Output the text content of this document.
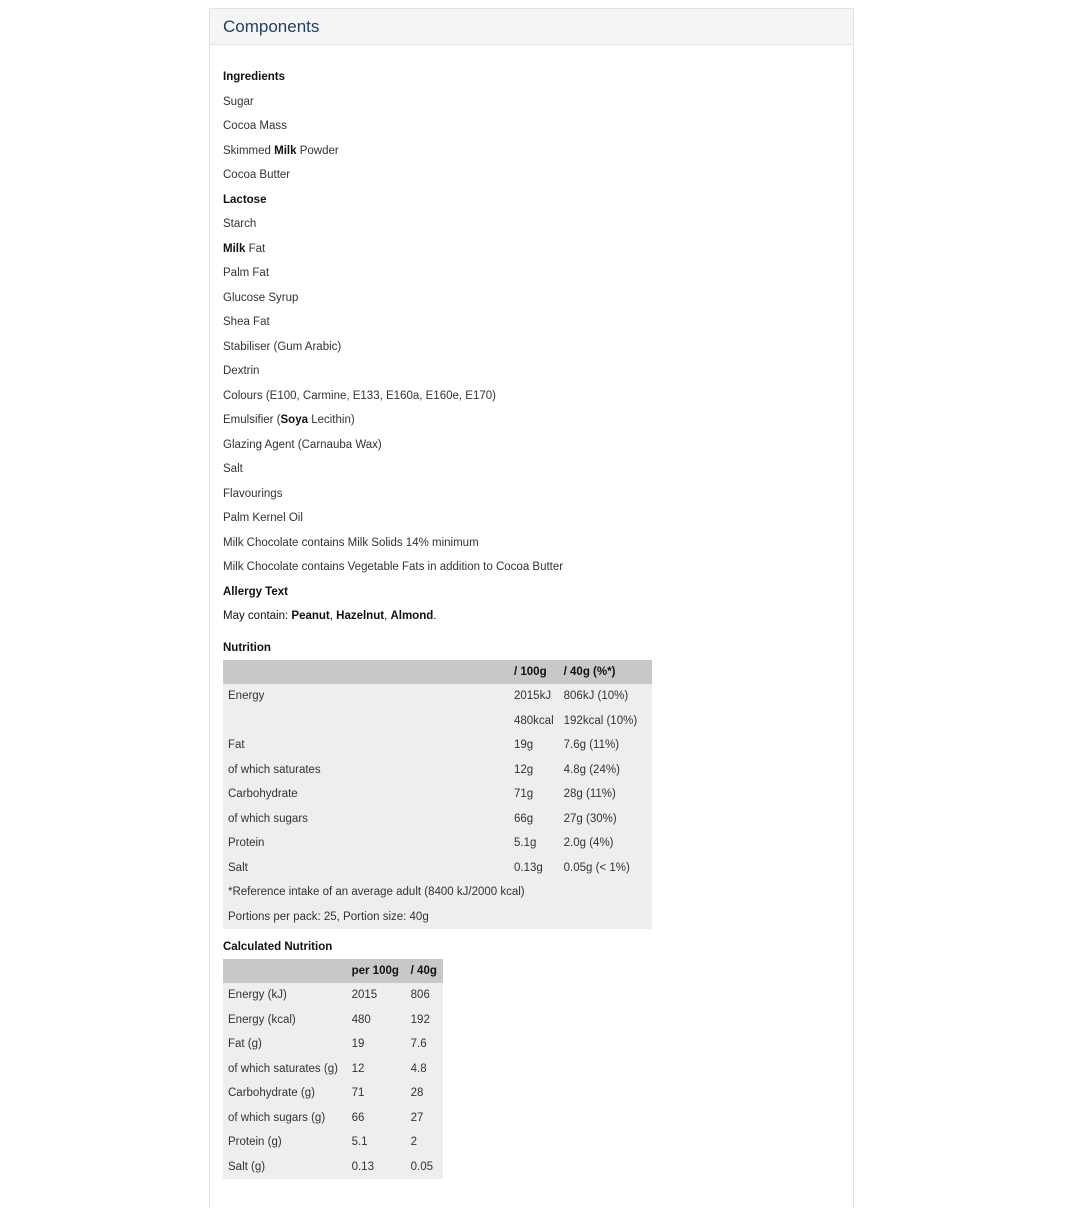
Components
Ingredients
Sugar
Cocoa Mass
Skimmed Milk Powder
Cocoa Butter
Lactose
Starch
Milk Fat
Palm Fat
Glucose Syrup
Shea Fat
Stabiliser (Gum Arabic)
Dextrin
Colours (E100, Carmine, E133, E160a, E160e, E170)
Emulsifier (Soya Lecithin)
Glazing Agent (Carnauba Wax)
Salt
Flavourings
Palm Kernel Oil
Milk Chocolate contains Milk Solids 14% minimum
Milk Chocolate contains Vegetable Fats in addition to Cocoa Butter
Allergy Text
May contain: Peanut, Hazelnut, Almond.
Nutrition
	/ 100g	/ 40g (%*)
Energy	2015kJ	806kJ (10%)
	480kcal	192kcal (10%)
Fat	19g	7.6g (11%)
of which saturates	12g	4.8g (24%)
Carbohydrate	71g	28g (11%)
of which sugars	66g	27g (30%)
Protein	5.1g	2.0g (4%)
Salt	0.13g	0.05g (< 1%)
*Reference intake of an average adult (8400 kJ/2000 kcal)		
Portions per pack: 25, Portion size: 40g		
Calculated Nutrition
	per 100g	/ 40g
Energy (kJ)	2015	806
Energy (kcal)	480	192
Fat (g)	19	7.6
of which saturates (g)	12	4.8
Carbohydrate (g)	71	28
of which sugars (g)	66	27
Protein (g)	5.1	2
Salt (g)	0.13	0.05
